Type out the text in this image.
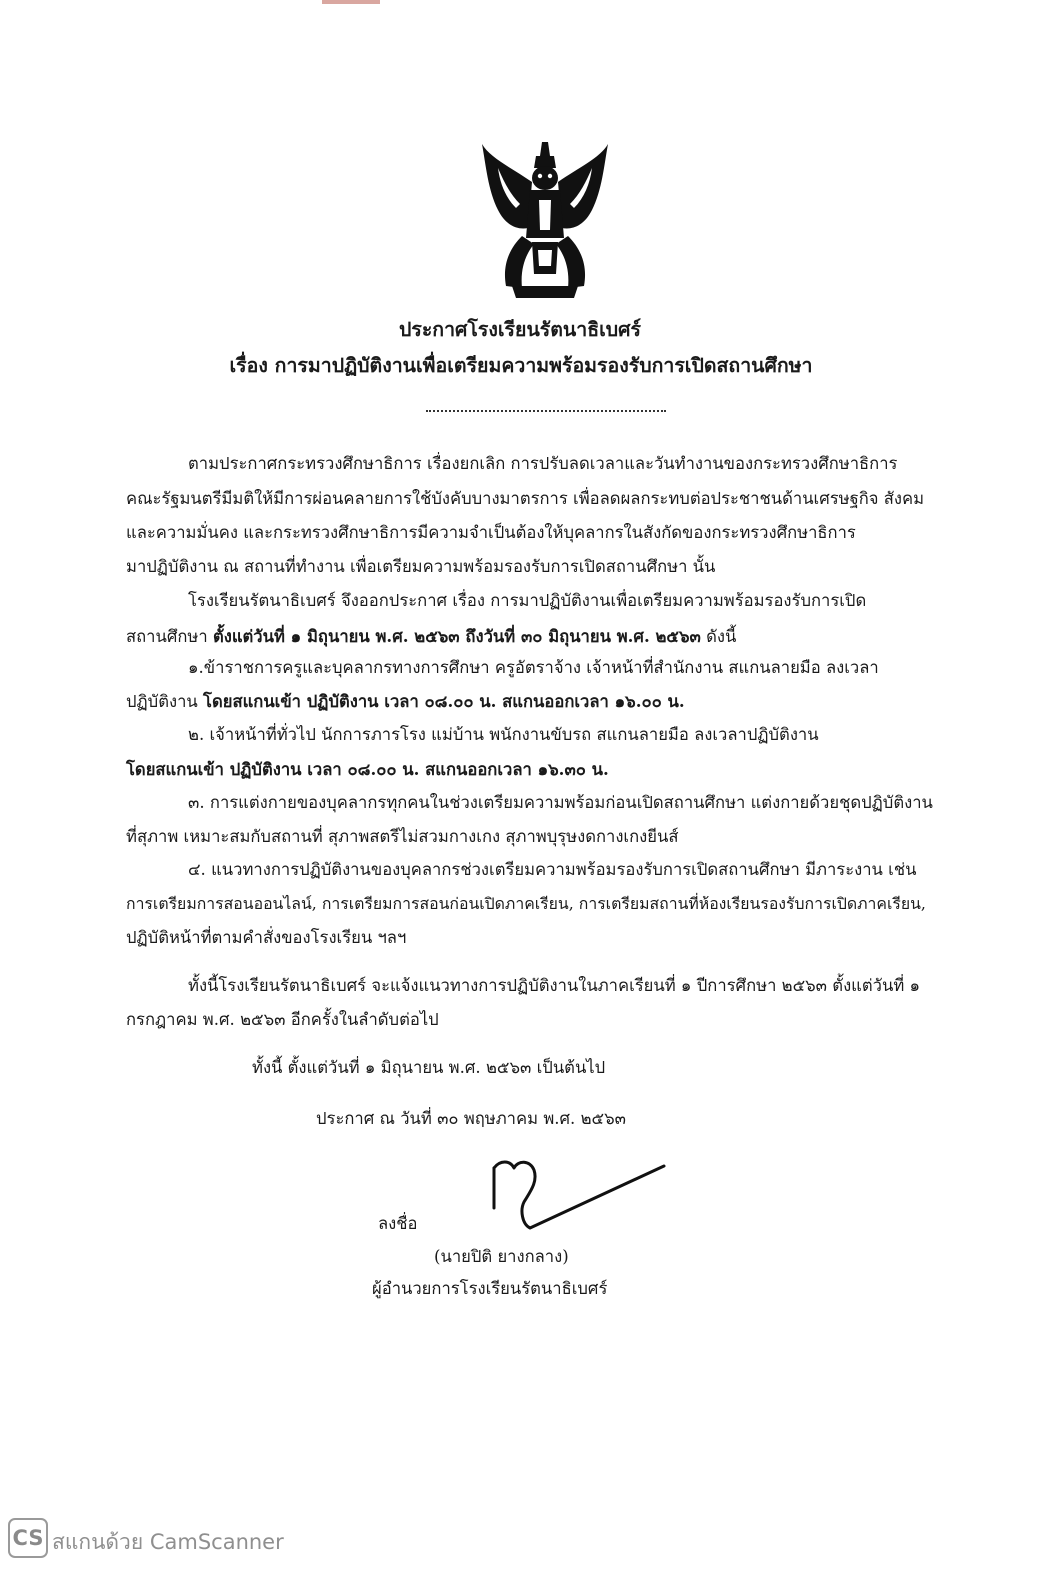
ประกาศโรงเรียนรัตนาธิเบศร์
เรื่อง การมาปฏิบัติงานเพื่อเตรียมความพร้อมรองรับการเปิดสถานศึกษา
ตามประกาศกระทรวงศึกษาธิการ เรื่องยกเลิก การปรับลดเวลาและวันทำงานของกระทรวงศึกษาธิการ
คณะรัฐมนตรีมีมติให้มีการผ่อนคลายการใช้บังคับบางมาตรการ เพื่อลดผลกระทบต่อประชาชนด้านเศรษฐกิจ สังคม
และความมั่นคง และกระทรวงศึกษาธิการมีความจำเป็นต้องให้บุคลากรในสังกัดของกระทรวงศึกษาธิการ
มาปฏิบัติงาน ณ สถานที่ทำงาน เพื่อเตรียมความพร้อมรองรับการเปิดสถานศึกษา นั้น
โรงเรียนรัตนาธิเบศร์ จึงออกประกาศ เรื่อง การมาปฏิบัติงานเพื่อเตรียมความพร้อมรองรับการเปิด
สถานศึกษา ตั้งแต่วันที่ ๑ มิถุนายน พ.ศ. ๒๕๖๓ ถึงวันที่ ๓๐ มิถุนายน พ.ศ. ๒๕๖๓ ดังนี้
๑.ข้าราชการครูและบุคลากรทางการศึกษา ครูอัตราจ้าง เจ้าหน้าที่สำนักงาน สแกนลายมือ ลงเวลา
ปฏิบัติงาน โดยสแกนเข้า ปฏิบัติงาน เวลา ๐๘.๐๐ น. สแกนออกเวลา ๑๖.๐๐ น.
๒. เจ้าหน้าที่ทั่วไป นักการภารโรง แม่บ้าน พนักงานขับรถ สแกนลายมือ ลงเวลาปฏิบัติงาน
โดยสแกนเข้า ปฏิบัติงาน เวลา ๐๘.๐๐ น. สแกนออกเวลา ๑๖.๓๐ น.
๓. การแต่งกายของบุคลากรทุกคนในช่วงเตรียมความพร้อมก่อนเปิดสถานศึกษา แต่งกายด้วยชุดปฏิบัติงาน
ที่สุภาพ เหมาะสมกับสถานที่ สุภาพสตรีไม่สวมกางเกง สุภาพบุรุษงดกางเกงยีนส์
๔. แนวทางการปฏิบัติงานของบุคลากรช่วงเตรียมความพร้อมรองรับการเปิดสถานศึกษา มีภาระงาน เช่น
การเตรียมการสอนออนไลน์, การเตรียมการสอนก่อนเปิดภาคเรียน, การเตรียมสถานที่ห้องเรียนรองรับการเปิดภาคเรียน,
ปฏิบัติหน้าที่ตามคำสั่งของโรงเรียน ฯลฯ
ทั้งนี้โรงเรียนรัตนาธิเบศร์ จะแจ้งแนวทางการปฏิบัติงานในภาคเรียนที่ ๑ ปีการศึกษา ๒๕๖๓ ตั้งแต่วันที่ ๑
กรกฎาคม พ.ศ. ๒๕๖๓ อีกครั้งในลำดับต่อไป
ทั้งนี้ ตั้งแต่วันที่ ๑ มิถุนายน พ.ศ. ๒๕๖๓ เป็นต้นไป
ประกาศ ณ วันที่ ๓๐ พฤษภาคม พ.ศ. ๒๕๖๓
ลงชื่อ
(นายปิติ ยางกลาง)
ผู้อำนวยการโรงเรียนรัตนาธิเบศร์
CS สแกนด้วย CamScanner
